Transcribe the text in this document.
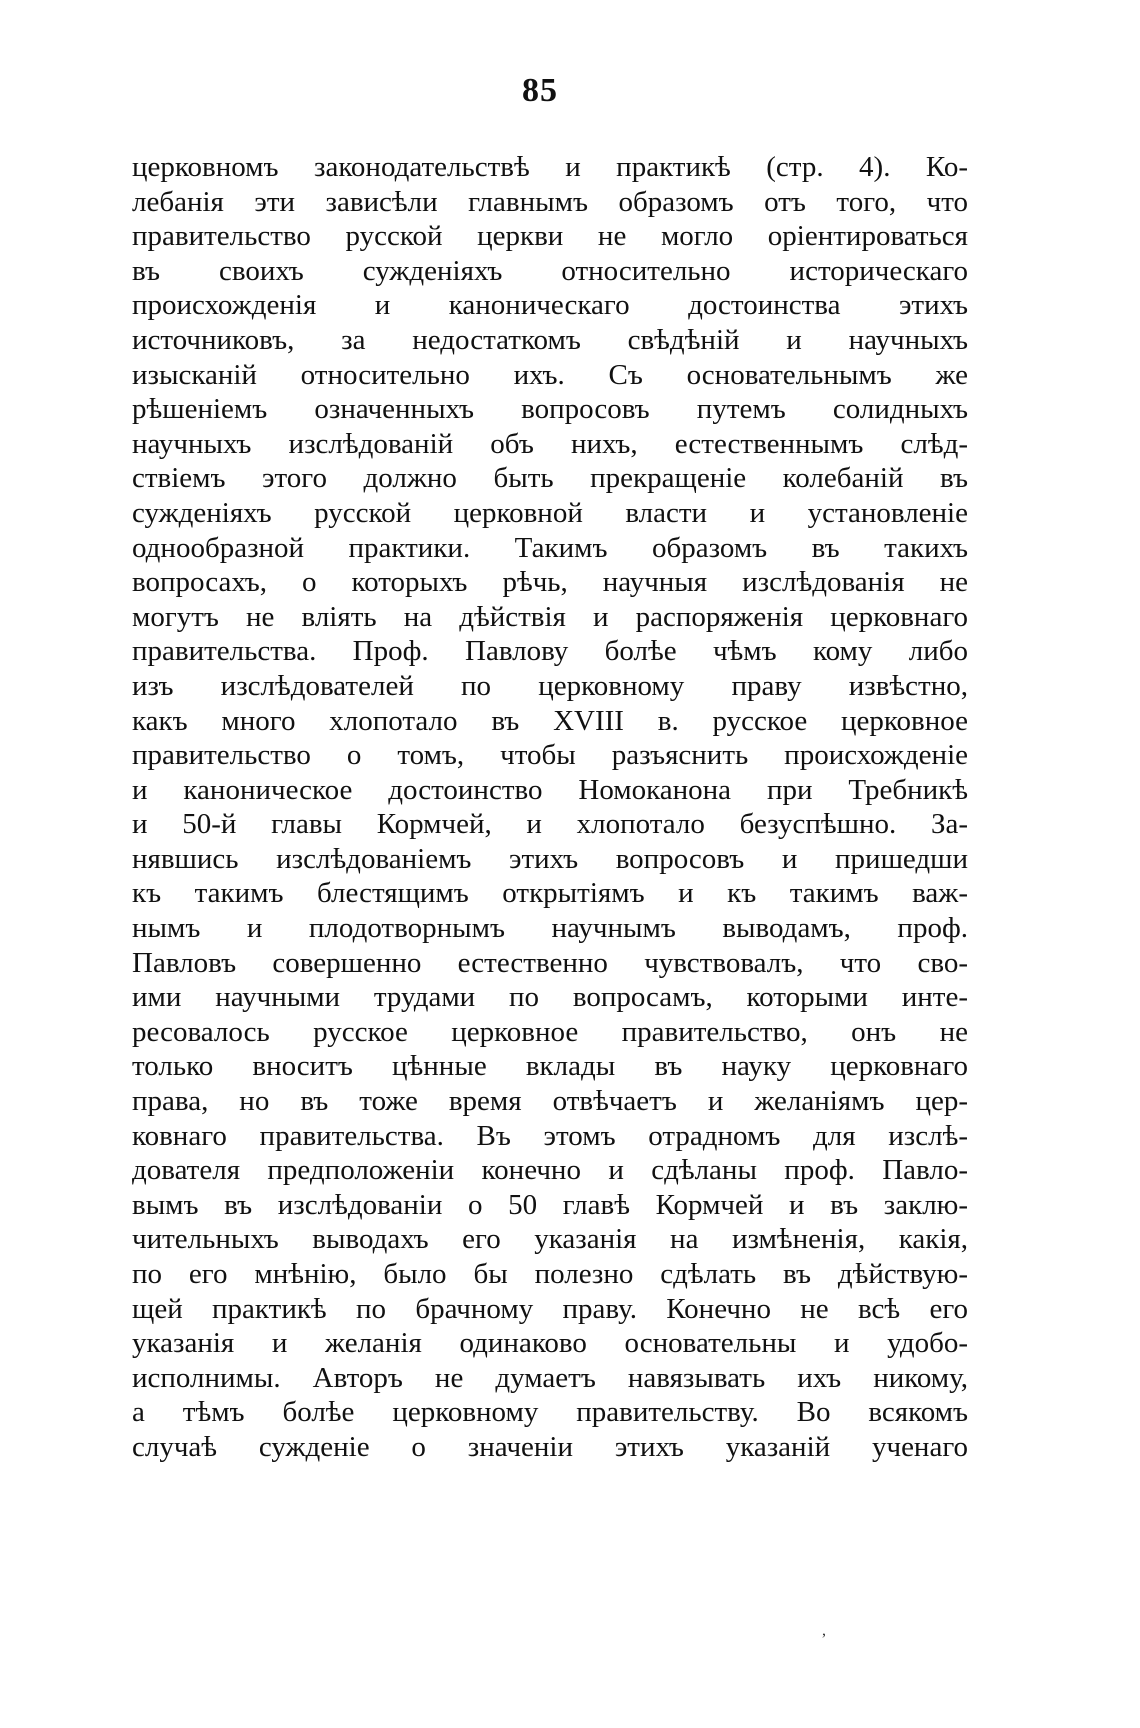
85
церковномъ законодательствѣ и практикѣ (стр. 4). Ко-
лебанія эти зависѣли главнымъ образомъ отъ того, что
правительство русской церкви не могло оріентироваться
въ своихъ сужденіяхъ относительно историческаго
происхожденія и каноническаго достоинства этихъ
источниковъ, за недостаткомъ свѣдѣній и научныхъ
изысканій относительно ихъ. Съ основательнымъ же
рѣшеніемъ означенныхъ вопросовъ путемъ солидныхъ
научныхъ изслѣдованій объ нихъ, естественнымъ слѣд-
ствіемъ этого должно быть прекращеніе колебаній въ
сужденіяхъ русской церковной власти и установленіе
однообразной практики. Такимъ образомъ въ такихъ
вопросахъ, о которыхъ рѣчь, научныя изслѣдованія не
могутъ не влiять на дѣйствія и распоряженія церковнаго
правительства. Проф. Павлову болѣе чѣмъ кому либо
изъ изслѣдователей по церковному праву извѣстно,
какъ много хлопотало въ XVIII в. русское церковное
правительство о томъ, чтобы разъяснить происхожденіе
и каноническое достоинство Номоканона при Требникѣ
и 50-й главы Кормчей, и хлопотало безуспѣшно. За-
нявшись изслѣдованіемъ этихъ вопросовъ и пришедши
къ такимъ блестящимъ открытіямъ и къ такимъ важ-
нымъ и плодотворнымъ научнымъ выводамъ, проф.
Павловъ совершенно естественно чувствовалъ, что сво-
ими научными трудами по вопросамъ, которыми инте-
ресовалось русское церковное правительство, онъ не
только вноситъ цѣнные вклады въ науку церковнаго
права, но въ тоже время отвѣчаетъ и желаніямъ цер-
ковнаго правительства. Въ этомъ отрадномъ для изслѣ-
дователя предположеніи конечно и сдѣланы проф. Павло-
вымъ въ изслѣдованіи о 50 главѣ Кормчей и въ заклю-
чительныхъ выводахъ его указанія на измѣненія, какія,
по его мнѣнію, было бы полезно сдѣлать въ дѣйствую-
щей практикѣ по брачному праву. Конечно не всѣ его
указанія и желанія одинаково основательны и удобо-
исполнимы. Авторъ не думаетъ навязывать ихъ никому,
а тѣмъ болѣе церковному правительству. Во всякомъ
случаѣ сужденіе о значеніи этихъ указаній ученаго
,
